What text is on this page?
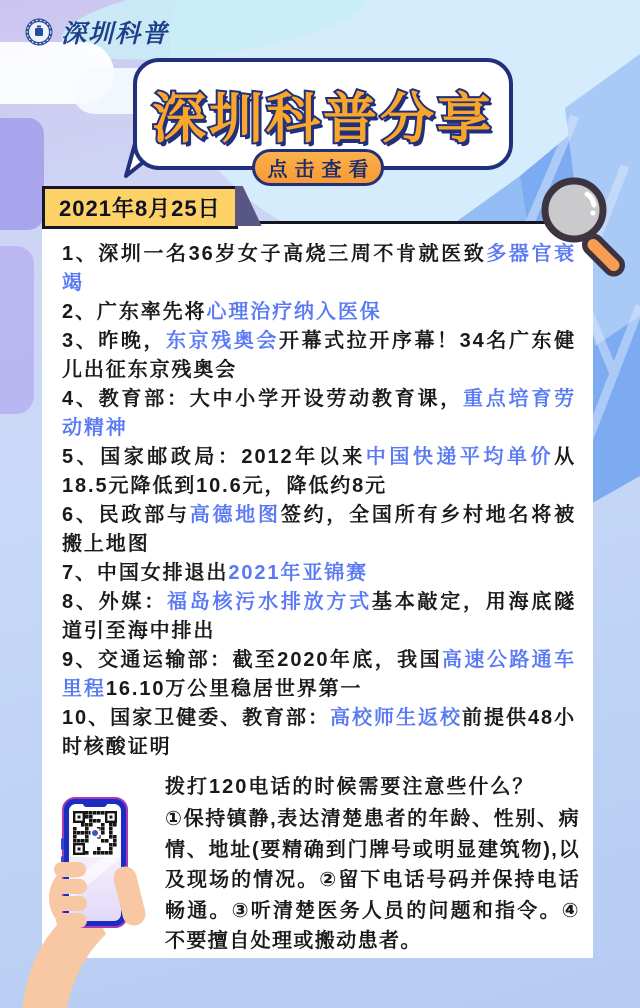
深圳科普
深圳科普分享
点击查看
2021年8月25日

1、深圳一名36岁女子高烧三周不肯就医致多器官衰竭

2、广东率先将心理治疗纳入医保

3、昨晚，东京残奥会开幕式拉开序幕！34名广东健儿出征东京残奥会

4、教育部：大中小学开设劳动教育课，重点培育劳动精神

5、国家邮政局：2012年以来中国快递平均单价从18.5元降低到10.6元，降低约8元

6、民政部与高德地图签约，全国所有乡村地名将被搬上地图

7、中国女排退出2021年亚锦赛

8、外媒：福岛核污水排放方式基本敲定，用海底隧道引至海中排出

9、交通运输部：截至2020年底，我国高速公路通车里程16.10万公里稳居世界第一

10、国家卫健委、教育部：高校师生返校前提供48小时核酸证明

拨打120电话的时候需要注意些什么？

①保持镇静,表达清楚患者的年龄、性别、病情、地址(要精确到门牌号或明显建筑物),以及现场的情况。②留下电话号码并保持电话畅通。③听清楚医务人员的问题和指令。④不要擅自处理或搬动患者。
